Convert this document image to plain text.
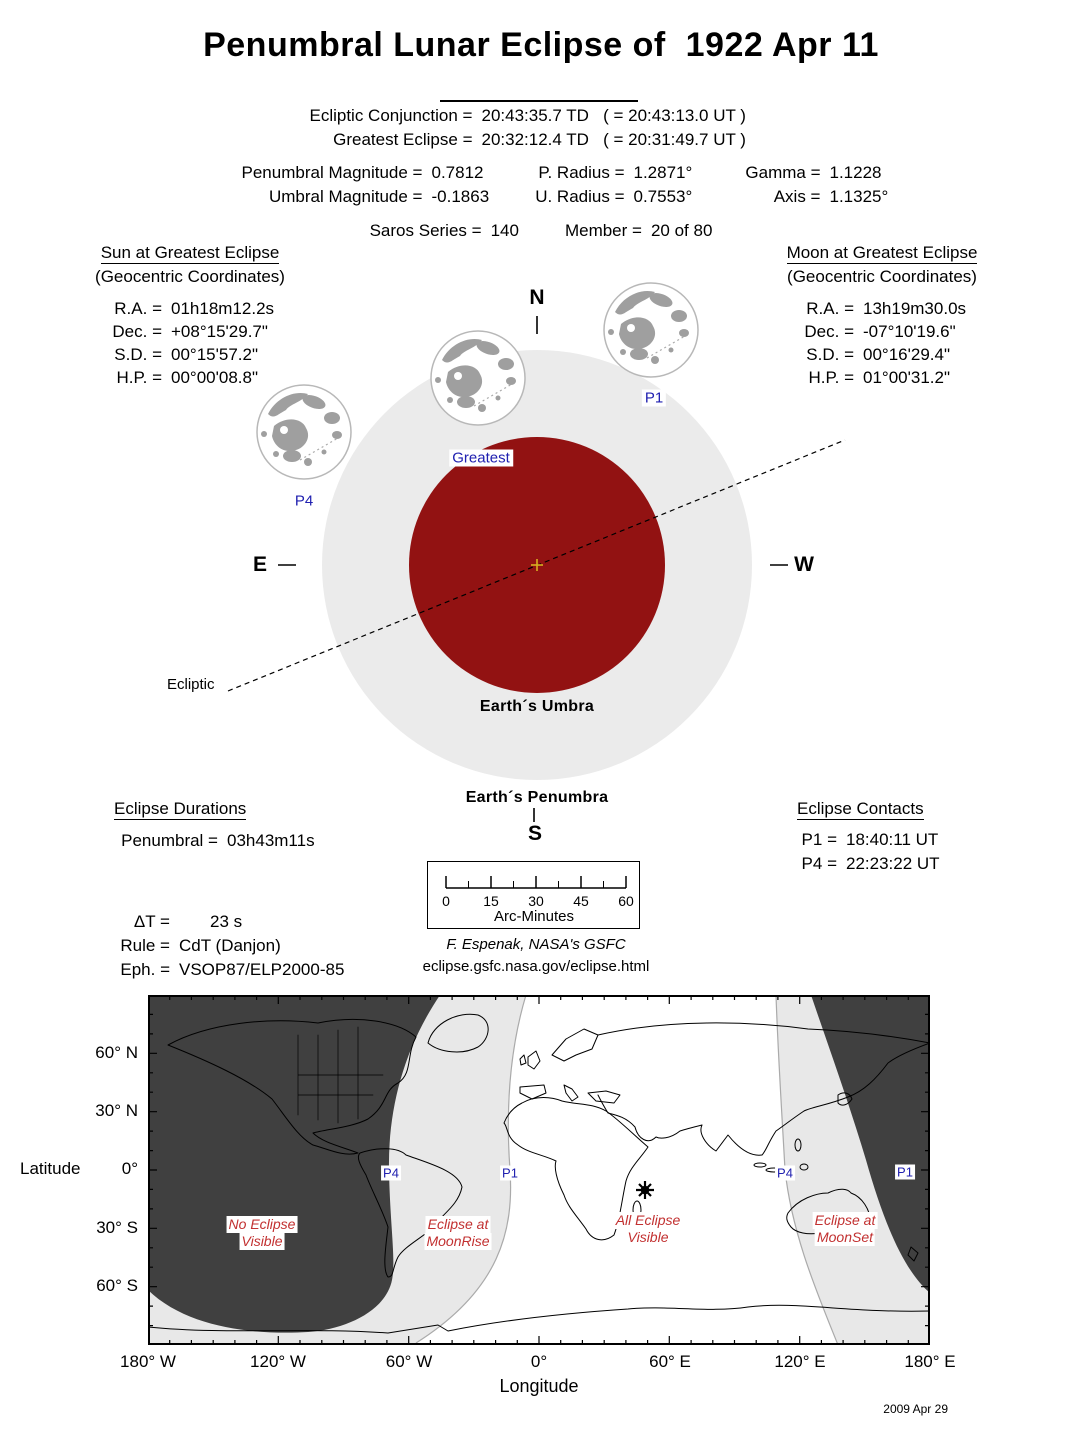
Penumbral Lunar Eclipse of  1922 Apr 11
Ecliptic Conjunction = 20:43:35.7 TD   ( = 20:43:13.0 UT )
Greatest Eclipse = 20:32:12.4 TD   ( = 20:31:49.7 UT )
Penumbral Magnitude = 0.7812	P. Radius = 1.2871°	Gamma = 1.1228
Umbral Magnitude = -0.1863	U. Radius = 0.7553°	Axis = 1.1325°
Saros Series = 140	Member = 20 of 80
Sun at Greatest Eclipse
(Geocentric Coordinates)
R.A. = 01h18m12.2s
Dec. = +08°15'29.7"
S.D. = 00°15'57.2"
H.P. = 00°00'08.8"
Moon at Greatest Eclipse
(Geocentric Coordinates)
R.A. = 13h19m30.0s
Dec. = -07°10'19.6"
S.D. = 00°16'29.4"
H.P. = 01°00'31.2"
N
S
E	W
Greatest
P1
P4
Ecliptic
Earth´s Umbra
Earth´s Penumbra
Eclipse Durations
Penumbral = 03h43m11s
Eclipse Contacts
P1 = 18:40:11 UT
P4 = 22:23:22 UT
0 15 30 45 60
Arc-Minutes
ΔT =	23 s
Rule = CdT (Danjon)
Eph. = VSOP87/ELP2000-85
F. Espenak, NASA's GSFC
eclipse.gsfc.nasa.gov/eclipse.html
No Eclipse
Visible
Eclipse at
MoonRise
All Eclipse
Visible
Eclipse at
MoonSet
P4	P1	P4	P1
Latitude
60° N
30° N
0°
30° S
60° S
180° W	120° W	60° W	0°	60° E	120° E	180° E
Longitude
2009 Apr 29
